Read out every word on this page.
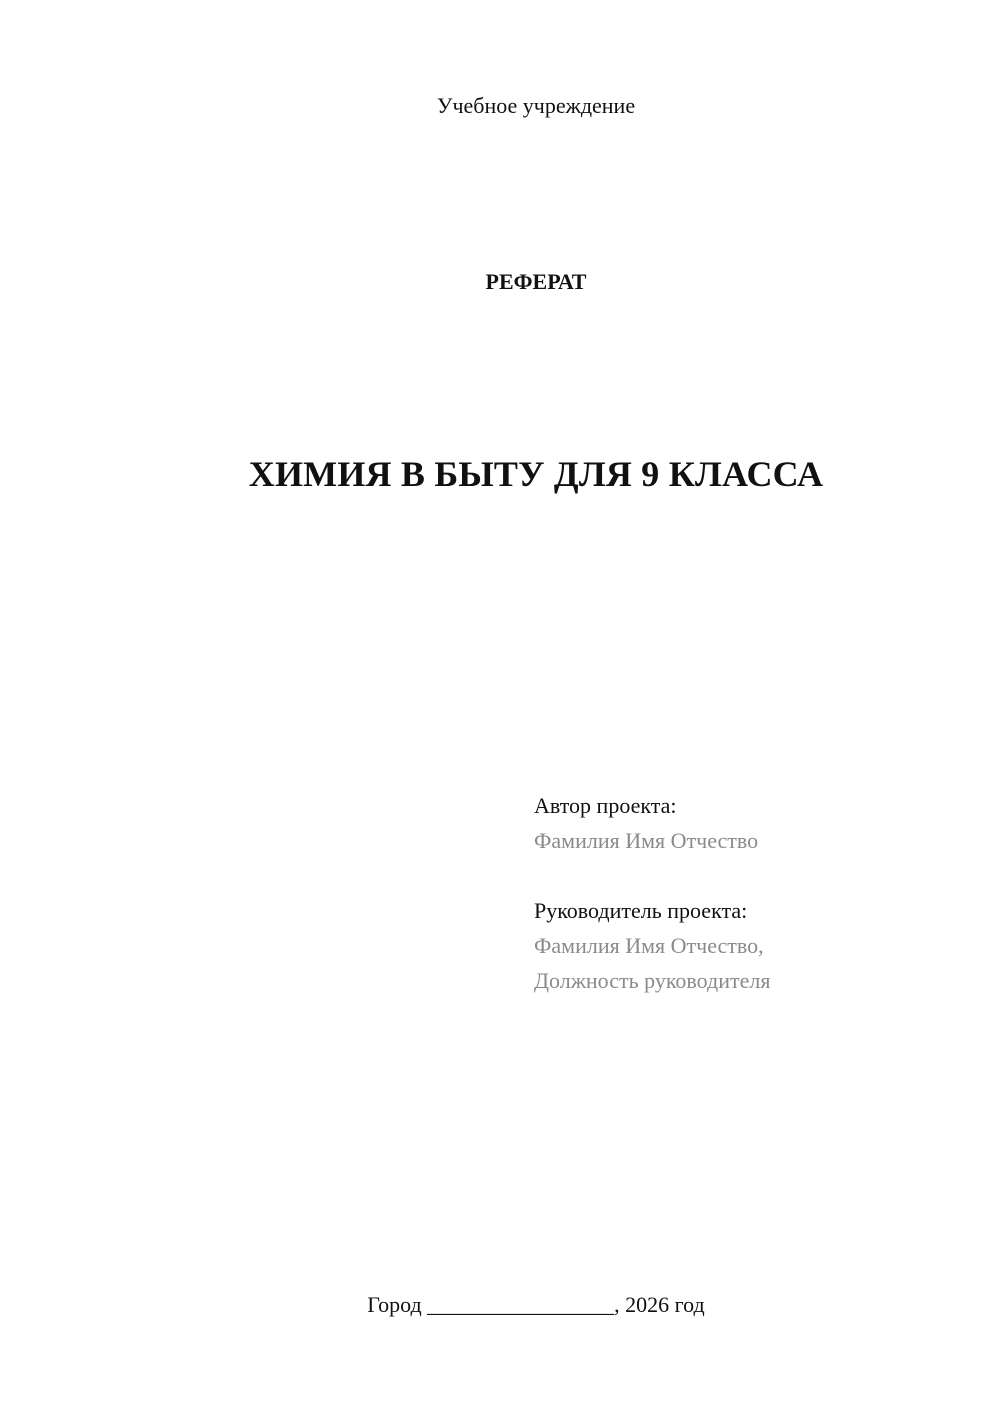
Учебное учреждение
РЕФЕРАТ
ХИМИЯ В БЫТУ ДЛЯ 9 КЛАССА
Автор проекта:
Фамилия Имя Отчество
Руководитель проекта:
Фамилия Имя Отчество,
Должность руководителя
Город _________________, 2026 год
